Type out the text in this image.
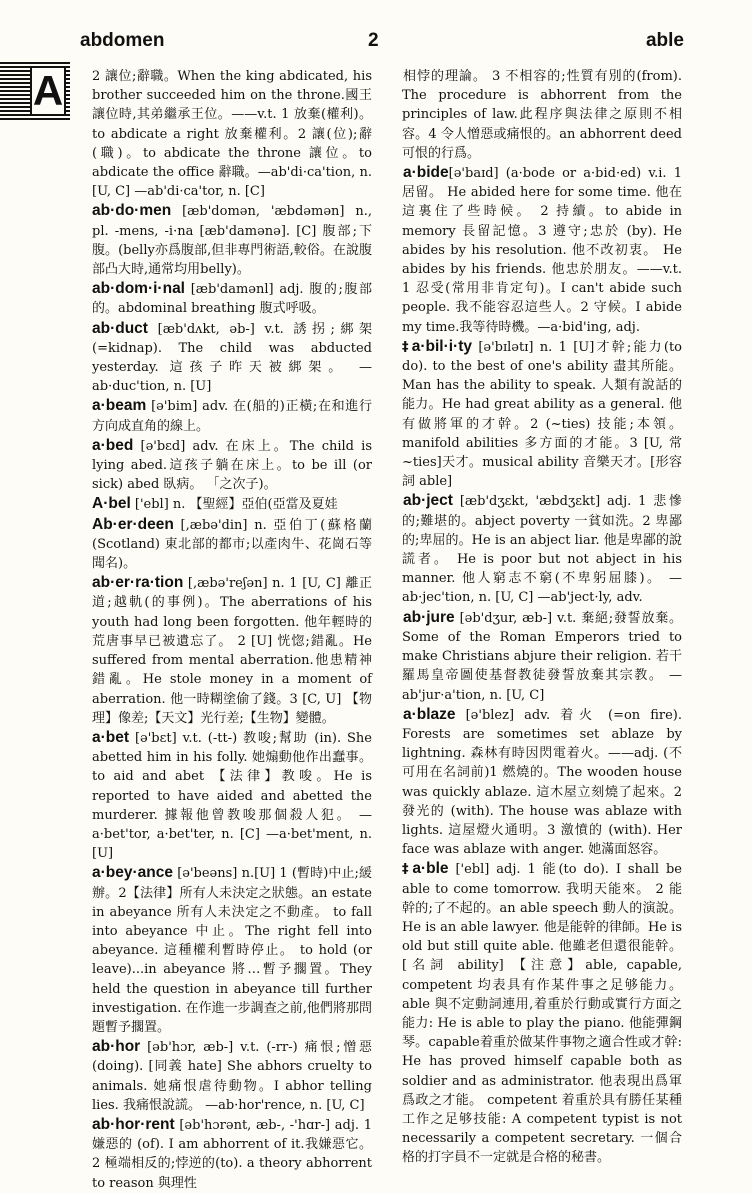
abdomen	2	able
A 2 讓位;辭職。When the king abdicated, his brother succeeded him on the throne.國王讓位時,其弟繼承王位。——v.t. 1 放棄(權利)。to abdicate a right 放棄權利。2 讓(位);辭(職)。to abdicate the throne 讓位。to abdicate the office 辭職。—ab'di·ca'tion, n. [U, C] —ab'di·ca'tor, n. [C]

ab·do·men [æb'domən, 'æbdəmən] n., pl. -mens, -i·na [æb'damənə]. [C] 腹部;下腹。(belly亦爲腹部,但非專門術語,較俗。在說腹部凸大時,通常均用belly)。

ab·dom·i·nal [æb'damənl] adj. 腹的;腹部的。abdominal breathing 腹式呼吸。

ab·duct [æb'dʌkt, əb-] v.t. 誘拐;綁架(=kidnap). The child was abducted yesterday. 這孩子昨天被綁架。 —ab·duc'tion, n. [U]

a·beam [ə'bim] adv. 在(船的)正橫;在和進行方向成直角的線上。

a·bed [ə'bɛd] adv. 在床上。The child is lying abed.這孩子躺在床上。to be ill (or sick) abed 臥病。 「之次子)。

A·bel ['ebl] n. 【聖經】亞伯(亞當及夏娃

Ab·er·deen [,æbə'din] n. 亞伯丁(蘇格蘭 (Scotland) 東北部的都市;以產肉牛、花崗石等聞名)。

ab·er·ra·tion [,æbə'reʃən] n. 1 [U, C] 離正道;越軌(的事例)。The aberrations of his youth had long been forgotten. 他年輕時的荒唐事早已被遺忘了。 2 [U] 恍惚;錯亂。He suffered from mental aberration.他患精神錯亂。He stole money in a moment of aberration. 他一時糊塗偷了錢。3 [C, U] 【物理】像差;【天文】光行差;【生物】變體。

a·bet [ə'bɛt] v.t. (-tt-) 教唆;幫助 (in). She abetted him in his folly. 她煽動他作出蠢事。to aid and abet 【法律】教唆。He is reported to have aided and abetted the murderer. 據報他曾教唆那個殺人犯。 —a·bet'tor, a·bet'ter, n. [C] —a·bet'ment, n. [U]

a·bey·ance [ə'beəns] n.[U] 1 (暫時)中止;緩辦。2【法律】所有人未決定之狀態。an estate in abeyance 所有人未決定之不動產。 to fall into abeyance 中止。The right fell into abeyance. 這種權利暫時停止。 to hold (or leave)...in abeyance 將…暫予擱置。They held the question in abeyance till further investigation. 在作進一步調查之前,他們將那問題暫予擱置。

ab·hor [əb'hɔr, æb-] v.t. (-rr-) 痛恨;憎惡 (doing). [同義 hate] She abhors cruelty to animals. 她痛恨虐待動物。I abhor telling lies. 我痛恨說謊。 —ab·hor'rence, n. [U, C]

ab·hor·rent [əb'hɔrənt, æb-, -'hɑr-] adj. 1 嫌惡的 (of). I am abhorrent of it.我嫌惡它。2 極端相反的;悖逆的(to). a theory abhorrent to reason 與理性

相悖的理論。 3 不相容的;性質有別的(from). The procedure is abhorrent from the principles of law.此程序與法律之原則不相容。4 令人憎惡或痛恨的。an abhorrent deed 可恨的行爲。

a·bide[ə'baɪd] (a·bode or a·bid·ed) v.i. 1 居留。 He abided here for some time. 他在這裏住了些時候。 2 持續。to abide in memory 長留記憶。3 遵守;忠於 (by). He abides by his resolution. 他不改初衷。 He abides by his friends. 他忠於朋友。——v.t. 1 忍受(常用非肯定句)。I can't abide such people. 我不能容忍這些人。2 守候。I abide my time.我等待時機。—a·bid'ing, adj.

‡a·bil·i·ty [ə'bɪlətɪ] n. 1 [U]才幹;能力(to do). to the best of one's ability 盡其所能。Man has the ability to speak. 人類有說話的能力。He had great ability as a general. 他有做將軍的才幹。2 (~ties) 技能;本領。manifold abilities 多方面的才能。3 [U, 常~ties]天才。musical ability 音樂天才。[形容詞 able]

ab·ject [æb'dʒɛkt, 'æbdʒɛkt] adj. 1 悲慘的;難堪的。abject poverty 一貧如洗。2 卑鄙的;卑屈的。He is an abject liar. 他是卑鄙的說謊者。 He is poor but not abject in his manner. 他人窮志不窮(不卑躬屈膝)。 —ab·jec'tion, n. [U, C] —ab'ject·ly, adv.

ab·jure [əb'dʒur, æb-] v.t. 棄絕;發誓放棄。Some of the Roman Emperors tried to make Christians abjure their religion. 若干羅馬皇帝圖使基督教徒發誓放棄其宗教。 —ab'jur·a'tion, n. [U, C]

a·blaze [ə'blez] adv. 着火 (=on fire). Forests are sometimes set ablaze by lightning. 森林有時因閃電着火。——adj. (不可用在名詞前)1 燃燒的。The wooden house was quickly ablaze. 這木屋立刻燒了起來。2 發光的 (with). The house was ablaze with lights. 這屋燈火通明。3 激憤的 (with). Her face was ablaze with anger. 她滿面怒容。

‡a·ble ['ebl] adj. 1 能(to do). I shall be able to come tomorrow. 我明天能來。 2 能幹的;了不起的。an able speech 動人的演說。He is an able lawyer. 他是能幹的律師。He is old but still quite able. 他雖老但還很能幹。[名詞 ability] 【注意】able, capable, competent 均表具有作某件事之足够能力。able 與不定動詞連用,着重於行動或實行方面之能力: He is able to play the piano. 他能彈鋼琴。capable着重於做某件事物之適合性或才幹: He has proved himself capable both as soldier and as administrator. 他表現出爲軍爲政之才能。 competent 着重於具有勝任某種工作之足够技能: A competent typist is not necessarily a competent secretary. 一個合格的打字員不一定就是合格的秘書。
